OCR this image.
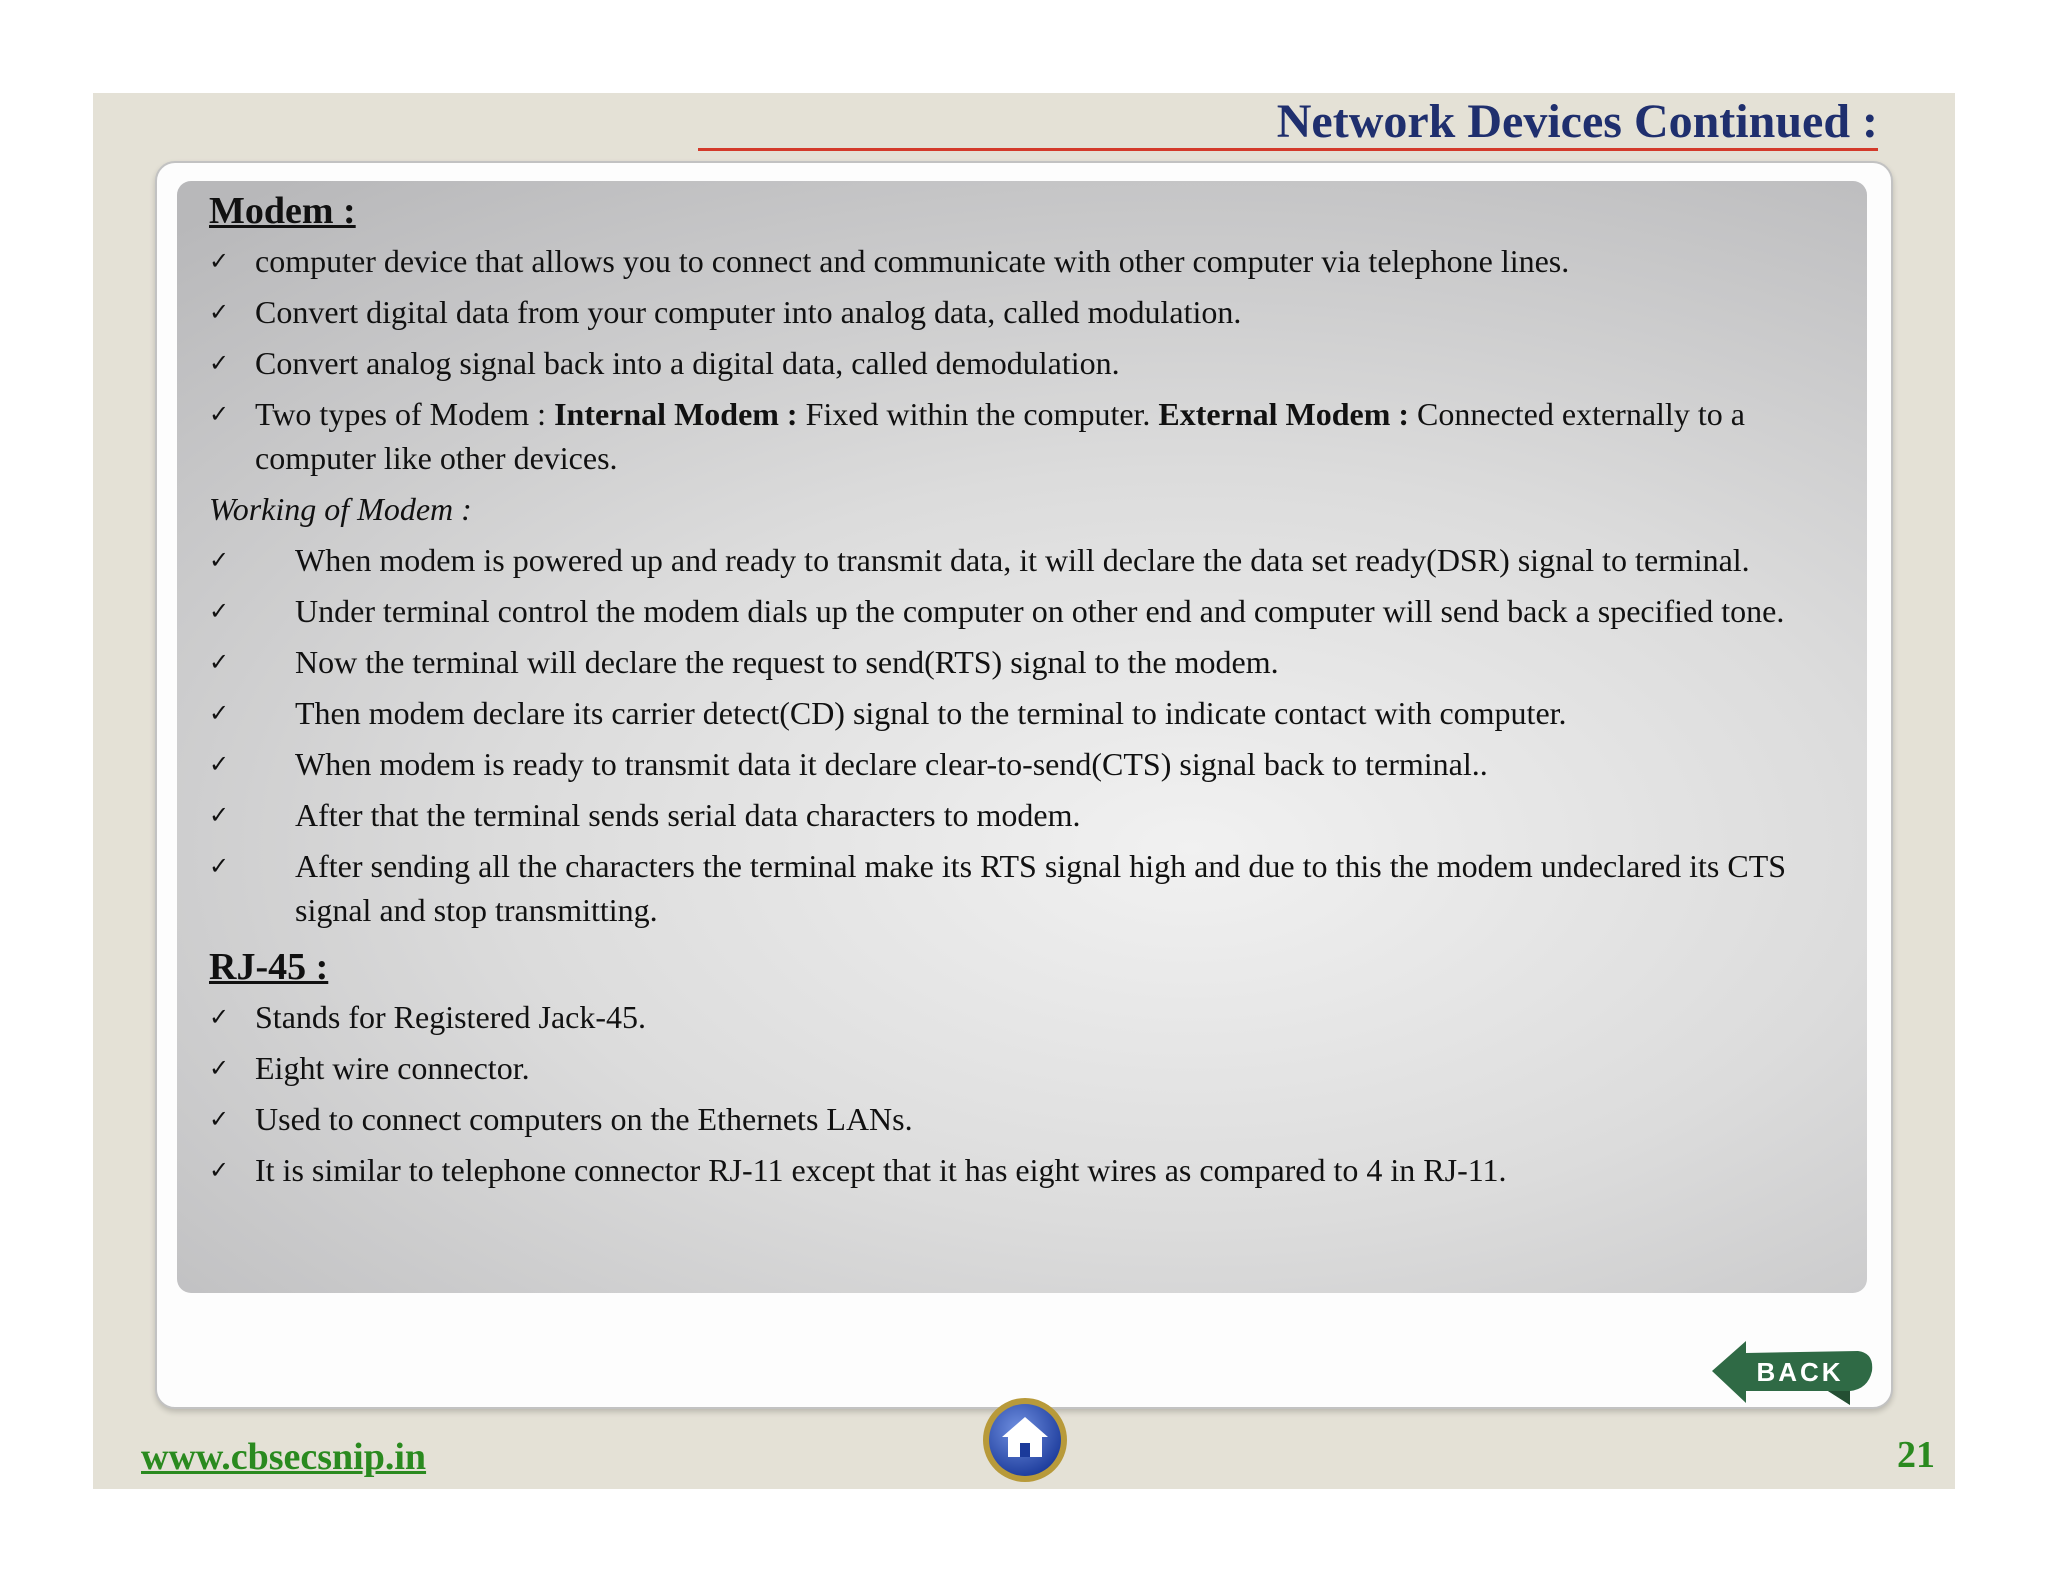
Network Devices Continued :
Modem :
✓ computer device that allows you to connect and communicate with other computer via telephone lines.
✓ Convert digital data from your computer into analog data, called modulation.
✓ Convert analog signal back into a digital data, called demodulation.
✓ Two types of Modem : Internal Modem : Fixed within the computer. External Modem : Connected externally to a computer like other devices.
Working of Modem :
✓	When modem is powered up and ready to transmit data, it will declare the data set ready(DSR) signal to terminal.
✓	Under terminal control the modem dials up the computer on other end and computer will send back a specified tone.
✓	Now the terminal will declare the request to send(RTS) signal to the modem.
✓	Then modem declare its carrier detect(CD) signal to the terminal to indicate contact with computer.
✓	When modem is ready to transmit data it declare clear-to-send(CTS) signal back to terminal..
✓	After that the terminal sends serial data characters to modem.
✓	After sending all the characters the terminal make its RTS signal high and due to this the modem undeclared its CTS signal and stop transmitting.
RJ-45 :
✓ Stands for Registered Jack-45.
✓ Eight wire connector.
✓ Used to connect computers on the Ethernets LANs.
✓ It is similar to telephone connector RJ-11 except that it has eight wires as compared to 4 in RJ-11.
BACK
www.cbsecsnip.in	21
